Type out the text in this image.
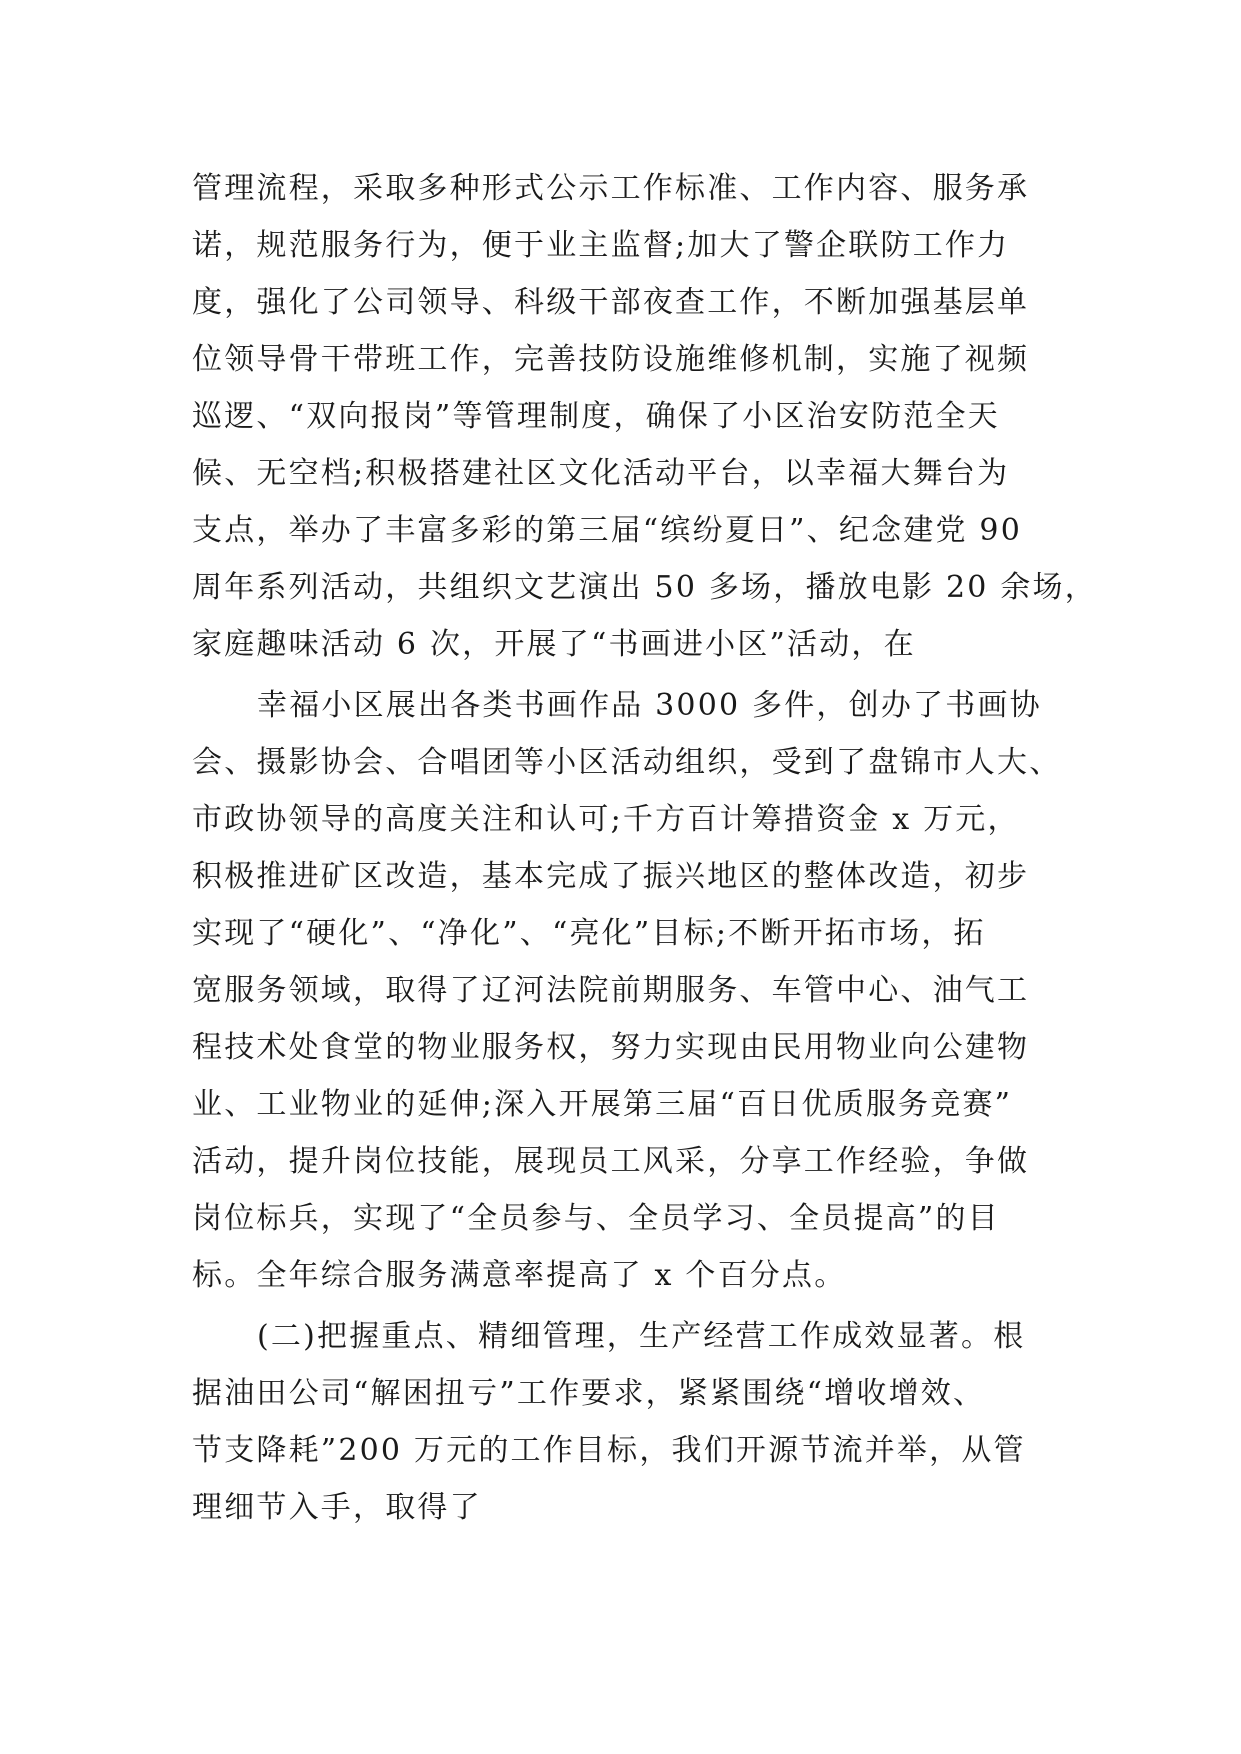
管理流程，采取多种形式公示工作标准、工作内容、服务承
诺，规范服务行为，便于业主监督;加大了警企联防工作力
度，强化了公司领导、科级干部夜查工作，不断加强基层单
位领导骨干带班工作，完善技防设施维修机制，实施了视频
巡逻、“双向报岗”等管理制度，确保了小区治安防范全天
候、无空档;积极搭建社区文化活动平台，以幸福大舞台为
支点，举办了丰富多彩的第三届“缤纷夏日”、纪念建党 90
周年系列活动，共组织文艺演出 50 多场，播放电影 20 余场，
家庭趣味活动 6 次，开展了“书画进小区”活动，在
幸福小区展出各类书画作品 3000 多件，创办了书画协
会、摄影协会、合唱团等小区活动组织，受到了盘锦市人大、
市政协领导的高度关注和认可;千方百计筹措资金 x 万元，
积极推进矿区改造，基本完成了振兴地区的整体改造，初步
实现了“硬化”、“净化”、“亮化”目标;不断开拓市场，拓
宽服务领域，取得了辽河法院前期服务、车管中心、油气工
程技术处食堂的物业服务权，努力实现由民用物业向公建物
业、工业物业的延伸;深入开展第三届“百日优质服务竞赛”
活动，提升岗位技能，展现员工风采，分享工作经验，争做
岗位标兵，实现了“全员参与、全员学习、全员提高”的目
标。全年综合服务满意率提高了 x 个百分点。
(二)把握重点、精细管理，生产经营工作成效显著。根
据油田公司“解困扭亏”工作要求，紧紧围绕“增收增效、
节支降耗”200 万元的工作目标，我们开源节流并举，从管
理细节入手，取得了
